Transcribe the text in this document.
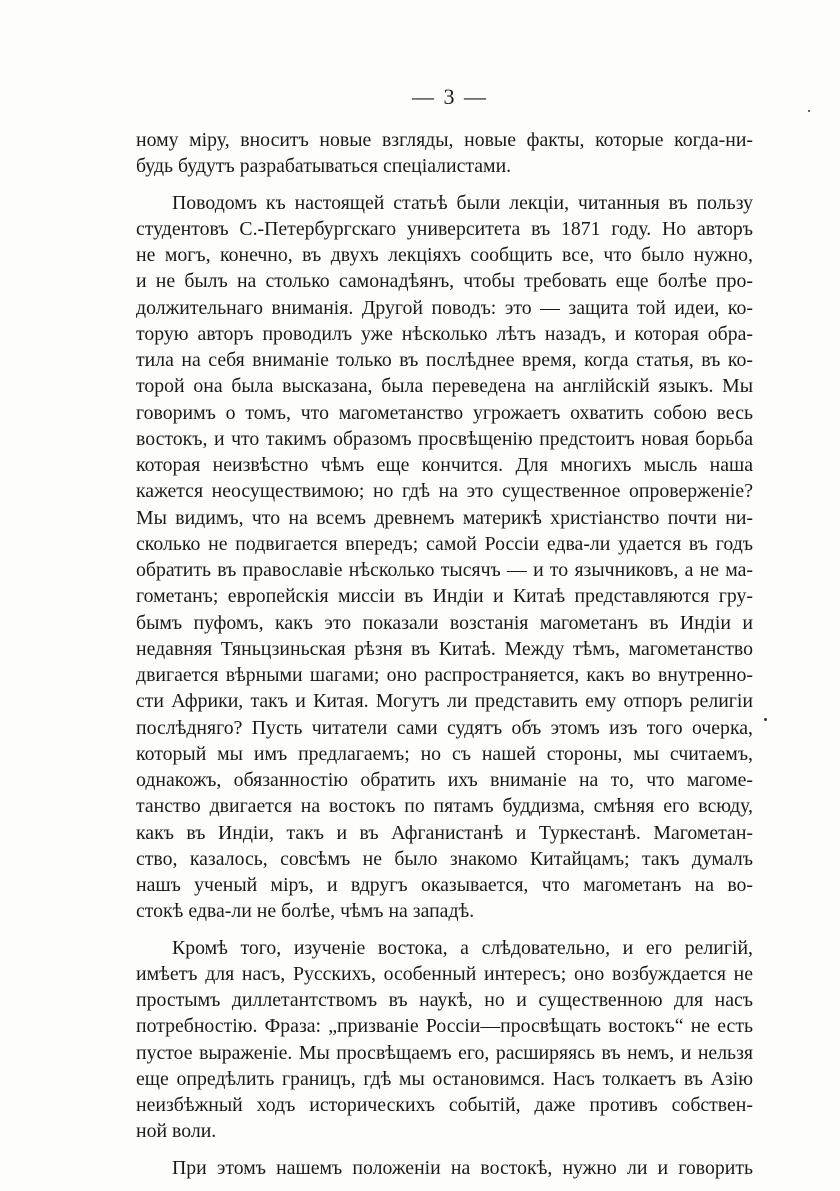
— 3 —
ному міру, вноситъ новые взгляды, новые факты, которые когда-ни-
будь будутъ разрабатываться спеціалистами.
Поводомъ къ настоящей статьѣ были лекціи, читанныя въ пользу
студентовъ С.-Петербургскаго университета въ 1871 году. Но авторъ
не могъ, конечно, въ двухъ лекціяхъ сообщить все, что было нужно,
и не былъ на столько самонадѣянъ, чтобы требовать еще болѣе про-
должительнаго вниманія. Другой поводъ: это — защита той идеи, ко-
торую авторъ проводилъ уже нѣсколько лѣтъ назадъ, и которая обра-
тила на себя вниманіе только въ послѣднее время, когда статья, въ ко-
торой она была высказана, была переведена на англійскій языкъ. Мы
говоримъ о томъ, что магометанство угрожаетъ охватить собою весь
востокъ, и что такимъ образомъ просвѣщенію предстоитъ новая борьба
которая неизвѣстно чѣмъ еще кончится. Для многихъ мысль наша
кажется неосуществимою; но гдѣ на это существенное опроверженіе?
Мы видимъ, что на всемъ древнемъ материкѣ христіанство почти ни-
сколько не подвигается впередъ; самой Россіи едва-ли удается въ годъ
обратить въ православіе нѣсколько тысячъ — и то язычниковъ, а не ма-
гометанъ; европейскія миссіи въ Индіи и Китаѣ представляются гру-
бымъ пуфомъ, какъ это показали возстанія магометанъ въ Индіи и
недавняя Тяньцзиньская рѣзня въ Китаѣ. Между тѣмъ, магометанство
двигается вѣрными шагами; оно распространяется, какъ во внутренно-
сти Африки, такъ и Китая. Могутъ ли представить ему отпоръ религіи
послѣдняго? Пусть читатели сами судятъ объ этомъ изъ того очерка,
который мы имъ предлагаемъ; но съ нашей стороны, мы считаемъ,
однакожъ, обязанностію обратить ихъ вниманіе на то, что магоме-
танство двигается на востокъ по пятамъ буддизма, смѣняя его всюду,
какъ въ Индіи, такъ и въ Афганистанѣ и Туркестанѣ. Магометан-
ство, казалось, совсѣмъ не было знакомо Китайцамъ; такъ думалъ
нашъ ученый міръ, и вдругъ оказывается, что магометанъ на во-
стокѣ едва-ли не болѣе, чѣмъ на западѣ.
Кромѣ того, изученіе востока, а слѣдовательно, и его религій,
имѣетъ для насъ, Русскихъ, особенный интересъ; оно возбуждается не
простымъ диллетантствомъ въ наукѣ, но и существенною для насъ
потребностію. Фраза: „призваніе Россіи—просвѣщать востокъ“ не есть
пустое выраженіе. Мы просвѣщаемъ его, расширяясь въ немъ, и нельзя
еще опредѣлить границъ, гдѣ мы остановимся. Насъ толкаетъ въ Азію
неизбѣжный ходъ историческихъ событій, даже противъ собствен-
ной воли.
При этомъ нашемъ положеніи на востокѣ, нужно ли и говорить
